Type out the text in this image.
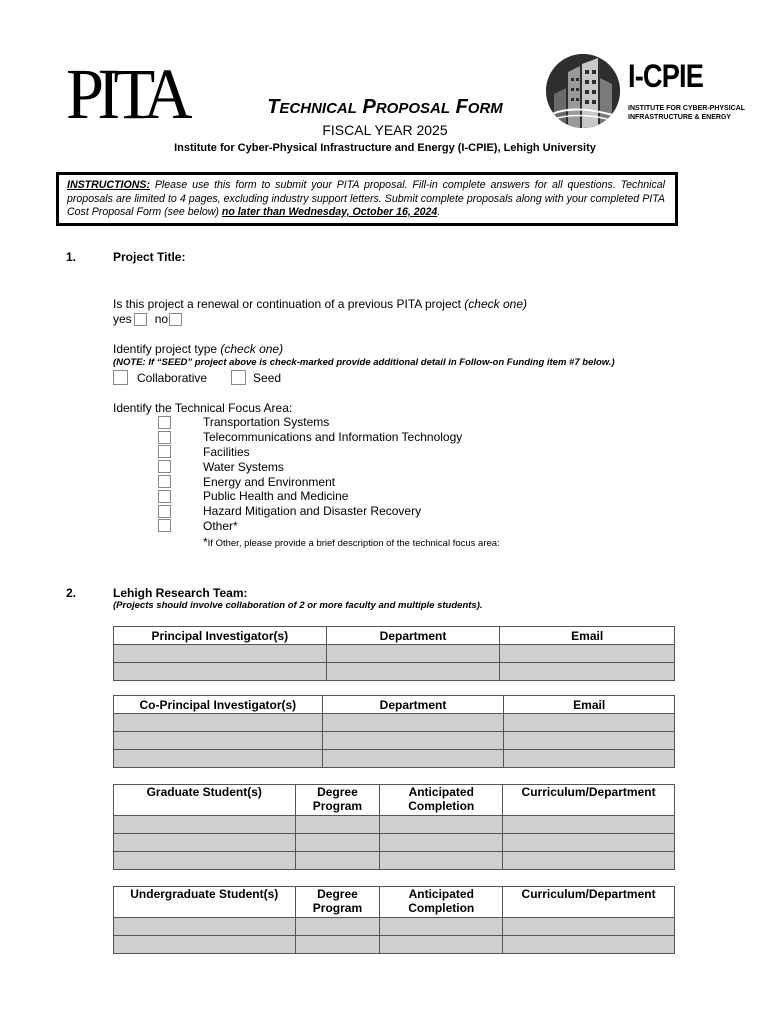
PITA	TECHNICAL PROPOSAL FORM
FISCAL YEAR 2025
Institute for Cyber-Physical Infrastructure and Energy (I-CPIE), Lehigh University
I-CPIE
INSTITUTE FOR CYBER-PHYSICAL
INFRASTRUCTURE & ENERGY
INSTRUCTIONS: Please use this form to submit your PITA proposal. Fill-in complete answers for all questions. Technical proposals are limited to 4 pages, excluding industry support letters. Submit complete proposals along with your completed PITA Cost Proposal Form (see below) no later than Wednesday, October 16, 2024.
1.	Project Title:
Is this project a renewal or continuation of a previous PITA project (check one)
yes no
Identify project type (check one)
(NOTE: If “SEED” project above is check-marked provide additional detail in Follow-on Funding item #7 below.)
Collaborative	Seed
Identify the Technical Focus Area:
Transportation Systems
Telecommunications and Information Technology
Facilities
Water Systems
Energy and Environment
Public Health and Medicine
Hazard Mitigation and Disaster Recovery
Other*
*If Other, please provide a brief description of the technical focus area:
2.	Lehigh Research Team:
(Projects should involve collaboration of 2 or more faculty and multiple students).
Principal Investigator(s)	Department	Email

Co-Principal Investigator(s)	Department	Email

Graduate Student(s)	Degree Program	Anticipated Completion	Curriculum/Department

Undergraduate Student(s)	Degree Program	Anticipated Completion	Curriculum/Department
